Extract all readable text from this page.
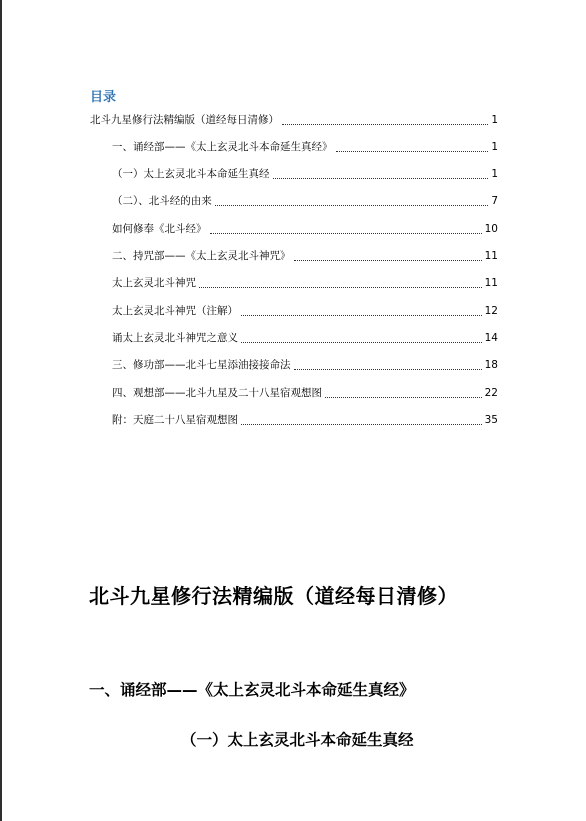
目录
北斗九星修行法精编版（道经每日清修）	1
一、诵经部——《太上玄灵北斗本命延生真经》	1
（一）太上玄灵北斗本命延生真经	1
（二）、北斗经的由来	7
如何修奉《北斗经》	10
二、持咒部——《太上玄灵北斗神咒》	11
太上玄灵北斗神咒	11
太上玄灵北斗神咒（注解）	12
诵太上玄灵北斗神咒之意义	14
三、修功部——北斗七星添油接接命法	18
四、观想部——北斗九星及二十八星宿观想图	22
附：天庭二十八星宿观想图	35
北斗九星修行法精编版（道经每日清修）
一、诵经部——《太上玄灵北斗本命延生真经》
（一）太上玄灵北斗本命延生真经
